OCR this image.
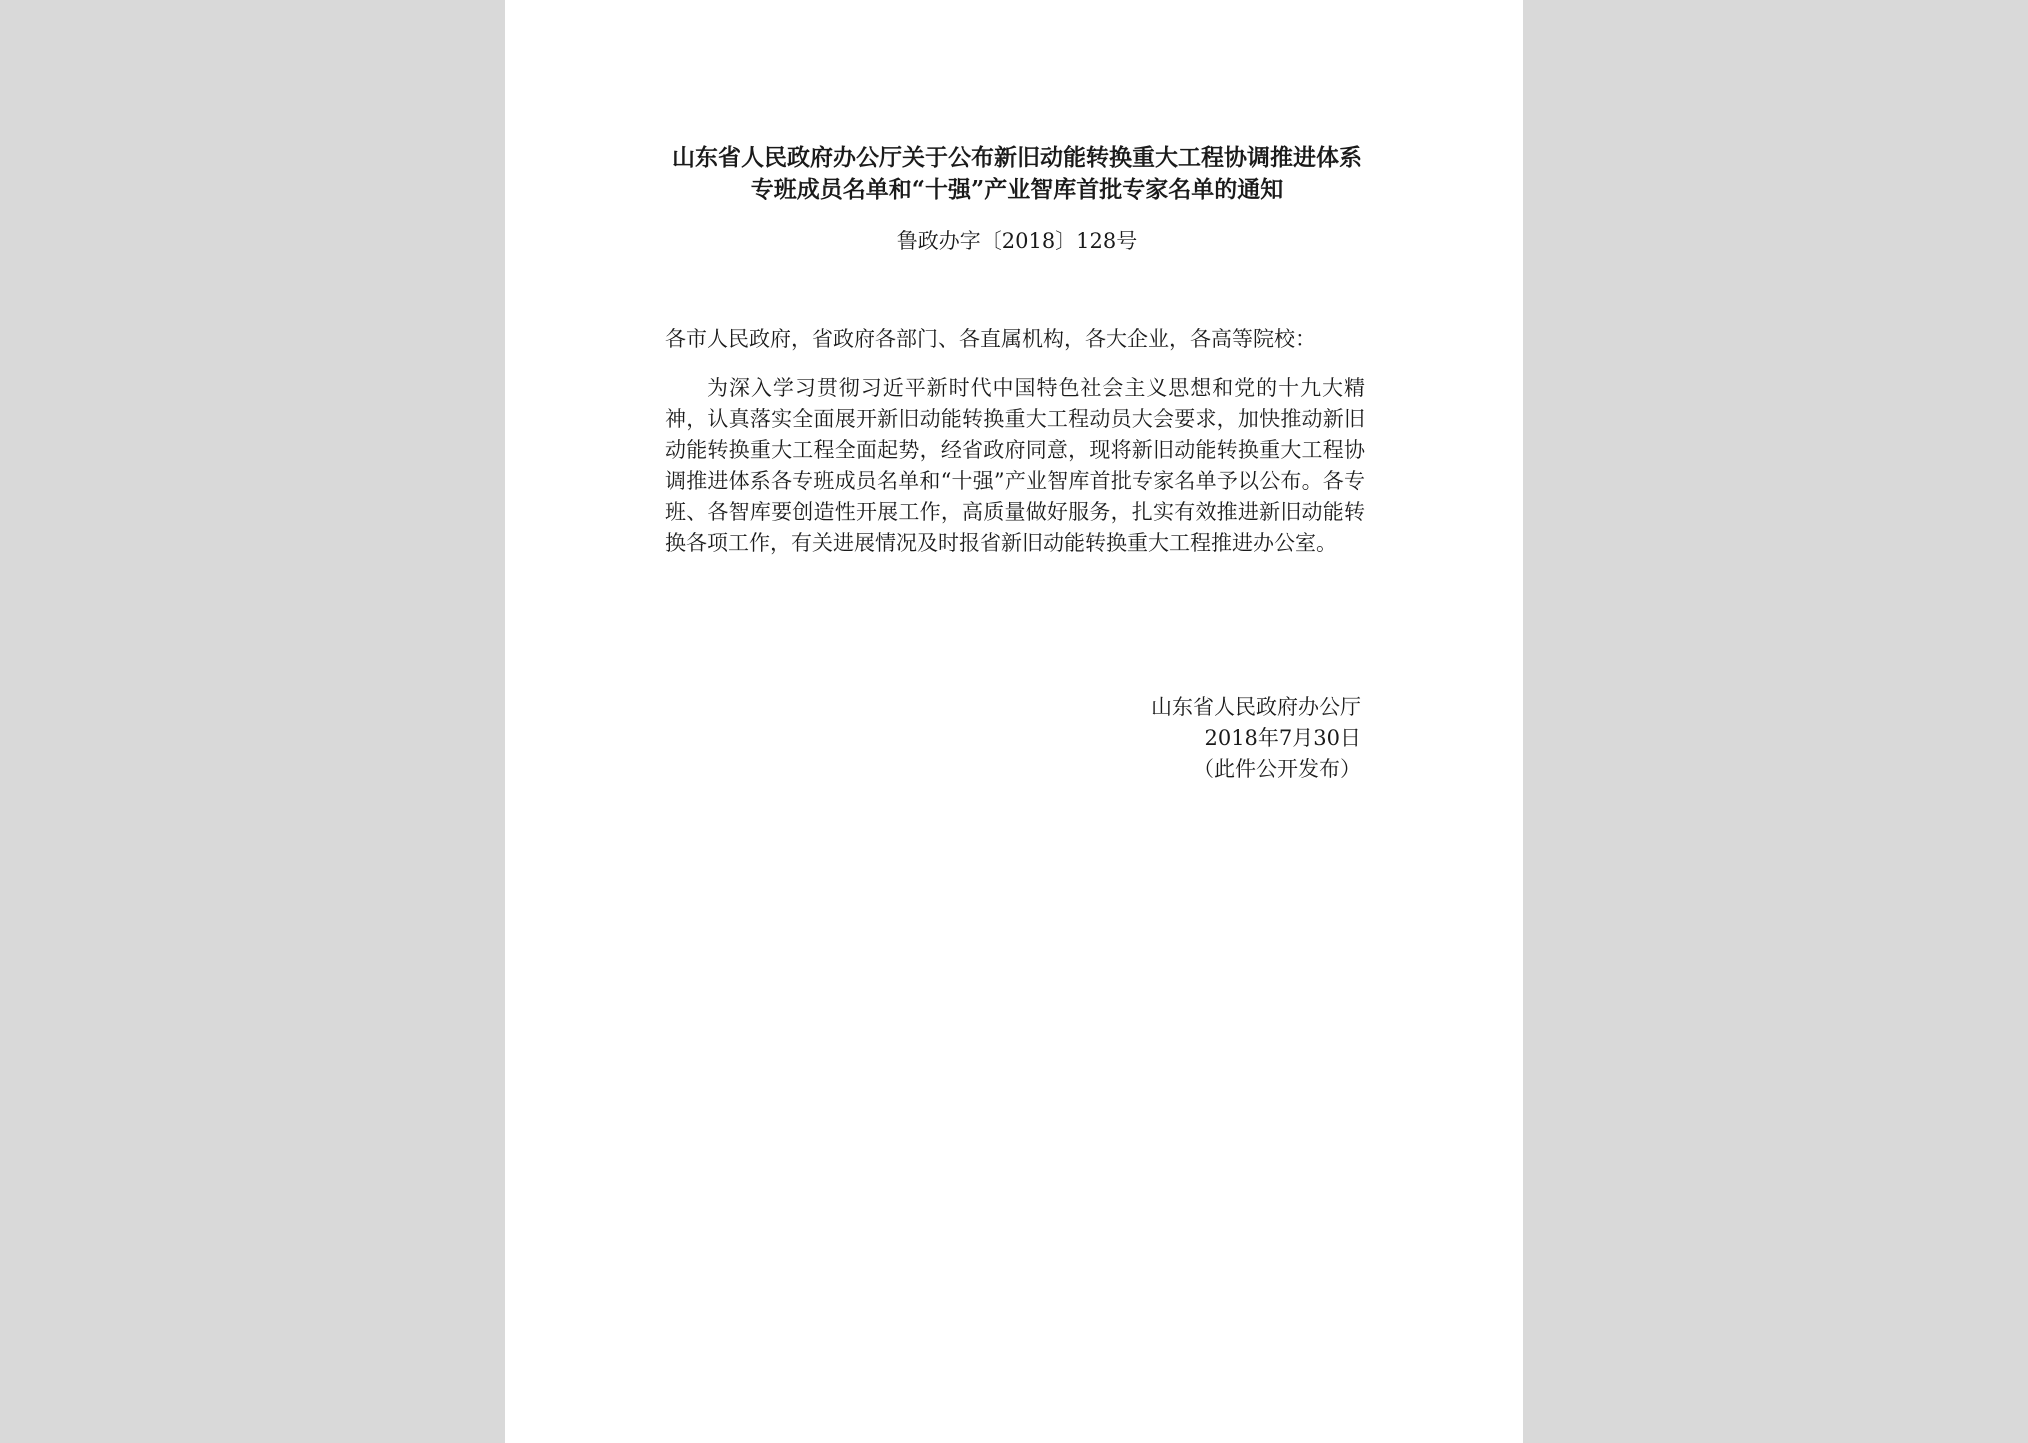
山东省人民政府办公厅关于公布新旧动能转换重大工程协调推进体系专班成员名单和“十强”产业智库首批专家名单的通知
鲁政办字〔2018〕128号

各市人民政府，省政府各部门、各直属机构，各大企业，各高等院校：

为深入学习贯彻习近平新时代中国特色社会主义思想和党的十九大精神，认真落实全面展开新旧动能转换重大工程动员大会要求，加快推动新旧动能转换重大工程全面起势，经省政府同意，现将新旧动能转换重大工程协调推进体系各专班成员名单和“十强”产业智库首批专家名单予以公布。各专班、各智库要创造性开展工作，高质量做好服务，扎实有效推进新旧动能转换各项工作，有关进展情况及时报省新旧动能转换重大工程推进办公室。

山东省人民政府办公厅
2018年7月30日
（此件公开发布）
